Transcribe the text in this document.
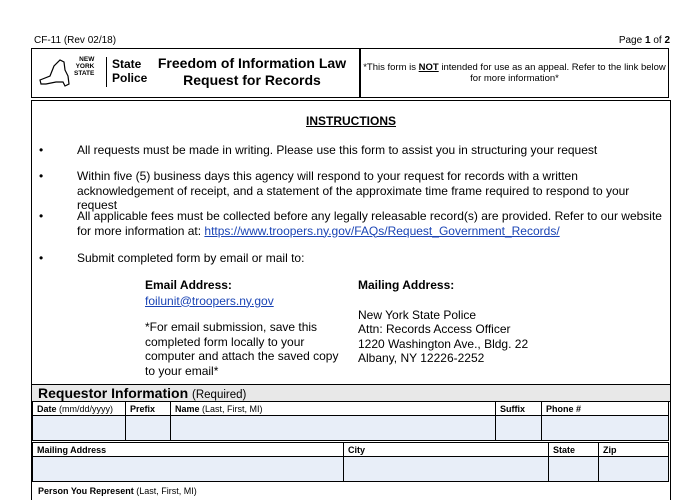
CF-11 (Rev 02/18)	Page 1 of 2
NEW
YORK
STATE
State
Police
Freedom of Information Law
Request for Records
*This form is NOT intended for use as an appeal. Refer to the link below for more information*
INSTRUCTIONS
•	All requests must be made in writing. Please use this form to assist you in structuring your request
•	Within five (5) business days this agency will respond to your request for records with a written acknowledgement of receipt, and a statement of the approximate time frame required to respond to your request
•	All applicable fees must be collected before any legally releasable record(s) are provided. Refer to our website for more information at: https://www.troopers.ny.gov/FAQs/Request_Government_Records/
•	Submit completed form by email or mail to:
Email Address:
foilunit@troopers.ny.gov
*For email submission, save this completed form locally to your computer and attach the saved copy to your email*
Mailing Address:
New York State Police
Attn: Records Access Officer
1220 Washington Ave., Bldg. 22
Albany, NY 12226-2252
Requestor Information (Required)
Date (mm/dd/yyyy)	Prefix	Name (Last, First, MI)	Suffix	Phone #

Mailing Address	City	State	Zip

Person You Represent (Last, First, MI)
